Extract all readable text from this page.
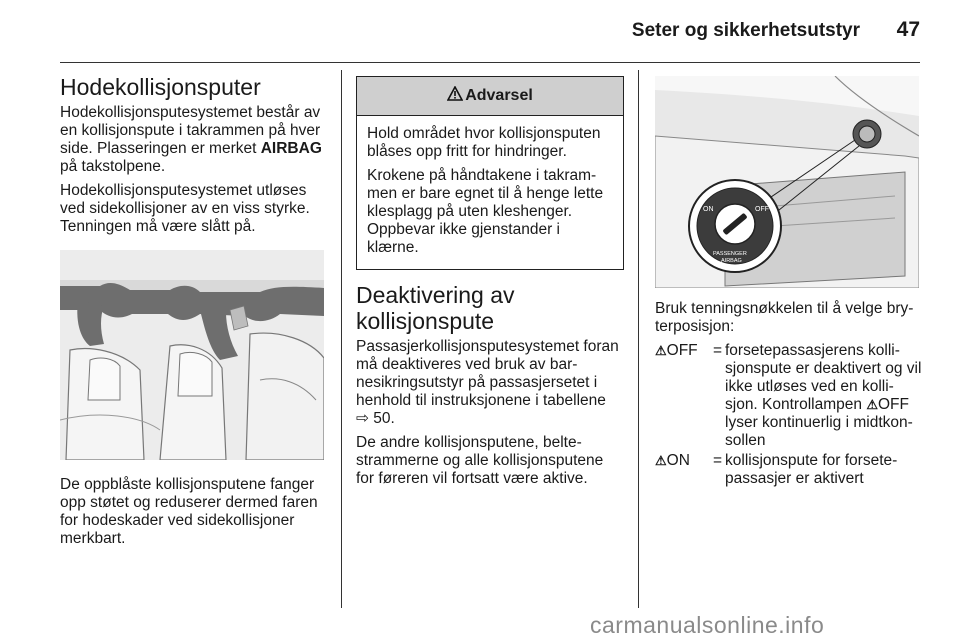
Seter og sikkerhetsutstyr	47
Hodekollisjonsputer

Hodekollisjonsputesystemet består av en kollisjonspute i takrammen på hver side. Plasseringen er merket AIRBAG på takstolpene.

Hodekollisjonsputesystemet utløses ved sidekollisjoner av en viss styrke. Tenningen må være slått på.

De oppblåste kollisjonsputene fanger opp støtet og reduserer dermed faren for hodeskader ved sidekollisjoner merkbart.

Advarsel

Hold området hvor kollisjonsputen blåses opp fritt for hindringer.

Krokene på håndtakene i takram-men er bare egnet til å henge lette klesplagg på uten kleshenger. Oppbevar ikke gjenstander i klærne.

Deaktivering av kollisjonspute

Passasjerkollisjonsputesystemet foran må deaktiveres ved bruk av bar-nesikringsutstyr på passasjersetet i henhold til instruksjonene i tabellene
⇨ 50.

De andre kollisjonsputene, belte-strammerne og alle kollisjonsputene for føreren vil fortsatt være aktive.

ON	OFF
PASSENGER
AIRBAG

Bruk tenningsnøkkelen til å velge bry-terposisjon:

⚠OFF	=	forsetepassasjerens kolli-sjonspute er deaktivert og vil ikke utløses ved en kolli-sjon. Kontrollampen ⚠OFF lyser kontinuerlig i midtkon-sollen
⚠ON	=	kollisjonspute for forsete-passasjer er aktivert
carmanualsonline.info
